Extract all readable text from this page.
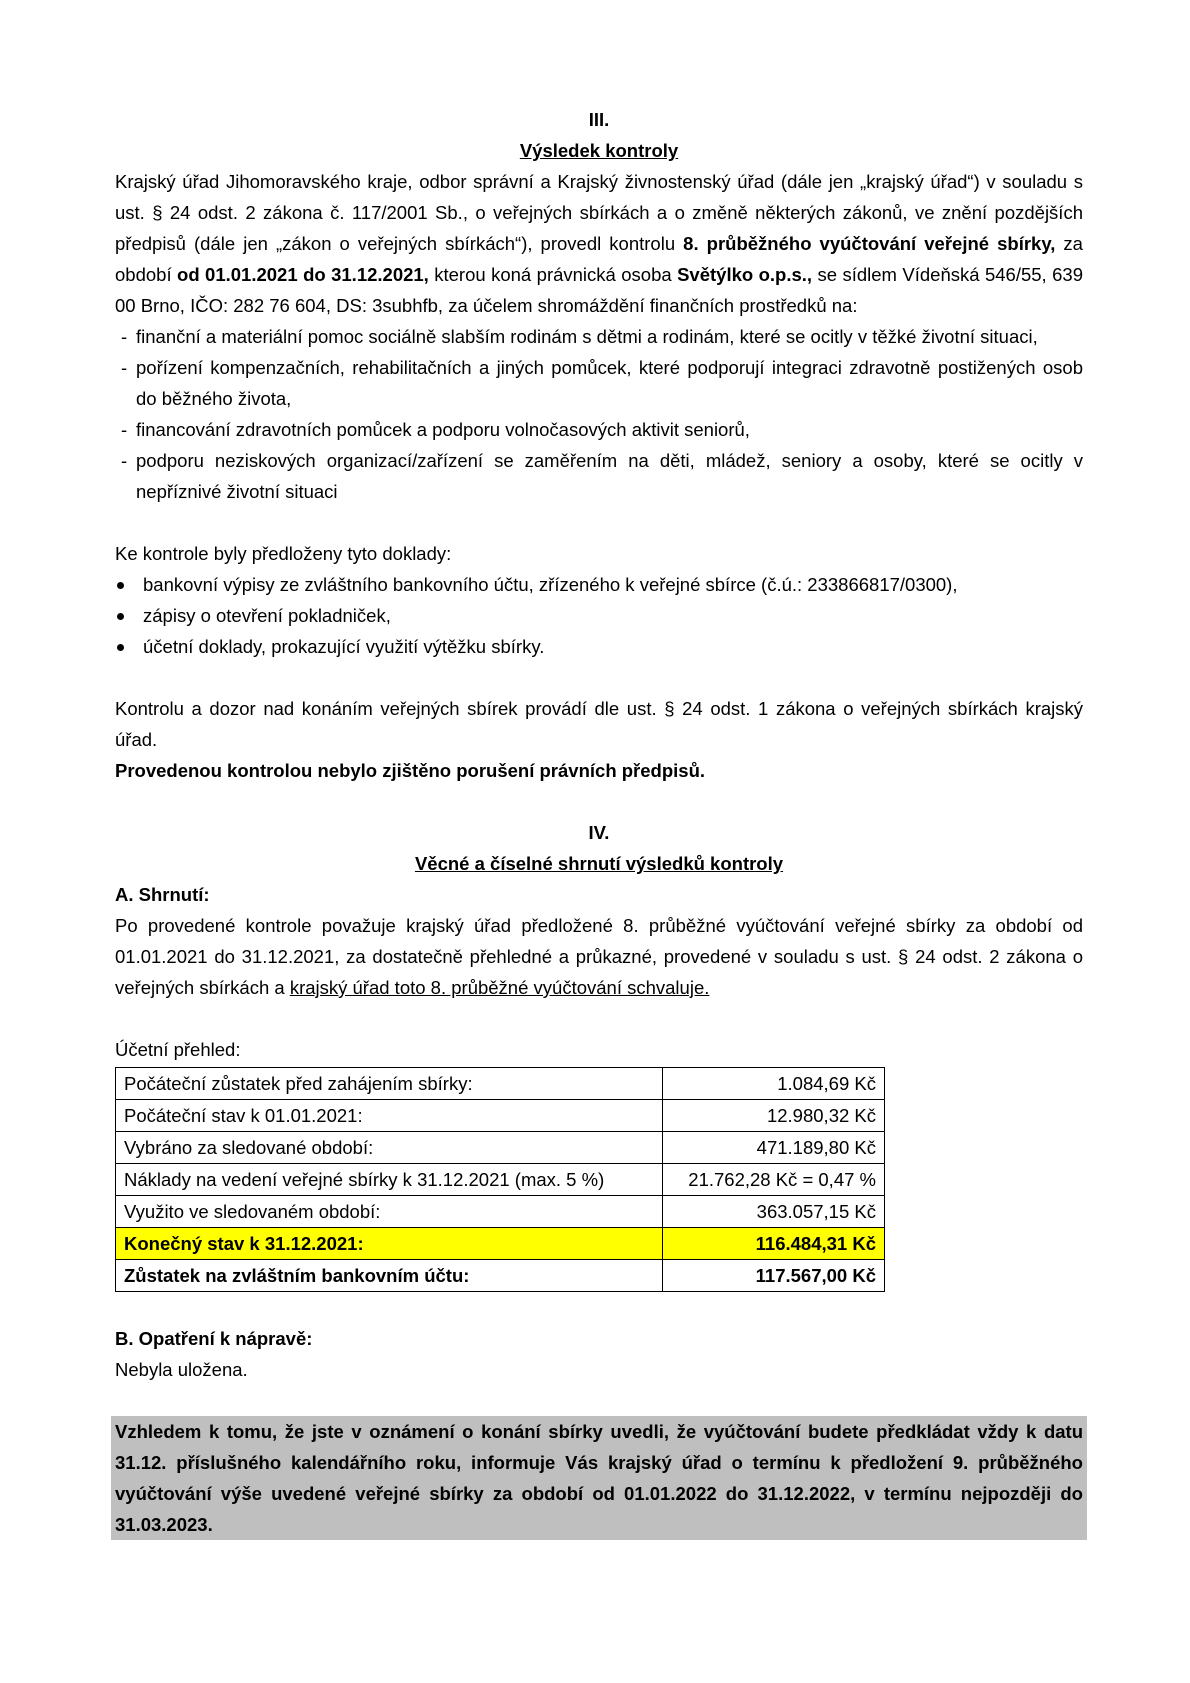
III.

Výsledek kontroly

Krajský úřad Jihomoravského kraje, odbor správní a Krajský živnostenský úřad (dále jen „krajský úřad“) v souladu s ust. § 24 odst. 2 zákona č. 117/2001 Sb., o veřejných sbírkách a o změně některých zákonů, ve znění pozdějších předpisů (dále jen „zákon o veřejných sbírkách“), provedl kontrolu 8. průběžného vyúčtování veřejné sbírky, za období od 01.01.2021 do 31.12.2021, kterou koná právnická osoba Světýlko o.p.s., se sídlem Vídeňská 546/55, 639 00 Brno, IČO: 282 76 604, DS: 3subhfb, za účelem shromáždění finančních prostředků na:

- finanční a materiální pomoc sociálně slabším rodinám s dětmi a rodinám, které se ocitly v těžké životní situaci,
- pořízení kompenzačních, rehabilitačních a jiných pomůcek, které podporují integraci zdravotně postižených osob do běžného života,
- financování zdravotních pomůcek a podporu volnočasových aktivit seniorů,
- podporu neziskových organizací/zařízení se zaměřením na děti, mládež, seniory a osoby, které se ocitly v nepříznivé životní situaci

Ke kontrole byly předloženy tyto doklady:

bankovní výpisy ze zvláštního bankovního účtu, zřízeného k veřejné sbírce (č.ú.: 233866817/0300),
zápisy o otevření pokladniček,
účetní doklady, prokazující využití výtěžku sbírky.

Kontrolu a dozor nad konáním veřejných sbírek provádí dle ust. § 24 odst. 1 zákona o veřejných sbírkách krajský úřad.

Provedenou kontrolou nebylo zjištěno porušení právních předpisů.

IV.

Věcné a číselné shrnutí výsledků kontroly

A. Shrnutí:

Po provedené kontrole považuje krajský úřad předložené 8. průběžné vyúčtování veřejné sbírky za období od 01.01.2021 do 31.12.2021, za dostatečně přehledné a průkazné, provedené v souladu s ust. § 24 odst. 2 zákona o veřejných sbírkách a krajský úřad toto 8. průběžné vyúčtování schvaluje.

Účetní přehled:

Počáteční zůstatek před zahájením sbírky:	1.084,69 Kč
Počáteční stav k 01.01.2021:	12.980,32 Kč
Vybráno za sledované období:	471.189,80 Kč
Náklady na vedení veřejné sbírky k 31.12.2021 (max. 5 %)	21.762,28 Kč = 0,47 %
Využito ve sledovaném období:	363.057,15 Kč
Konečný stav k 31.12.2021:	116.484,31 Kč
Zůstatek na zvláštním bankovním účtu:	117.567,00 Kč

B. Opatření k nápravě:

Nebyla uložena.

Vzhledem k tomu, že jste v oznámení o konání sbírky uvedli, že vyúčtování budete předkládat vždy k datu 31.12. příslušného kalendářního roku, informuje Vás krajský úřad o termínu k předložení 9. průběžného vyúčtování výše uvedené veřejné sbírky za období od 01.01.2022 do 31.12.2022, v termínu nejpozději do 31.03.2023.
